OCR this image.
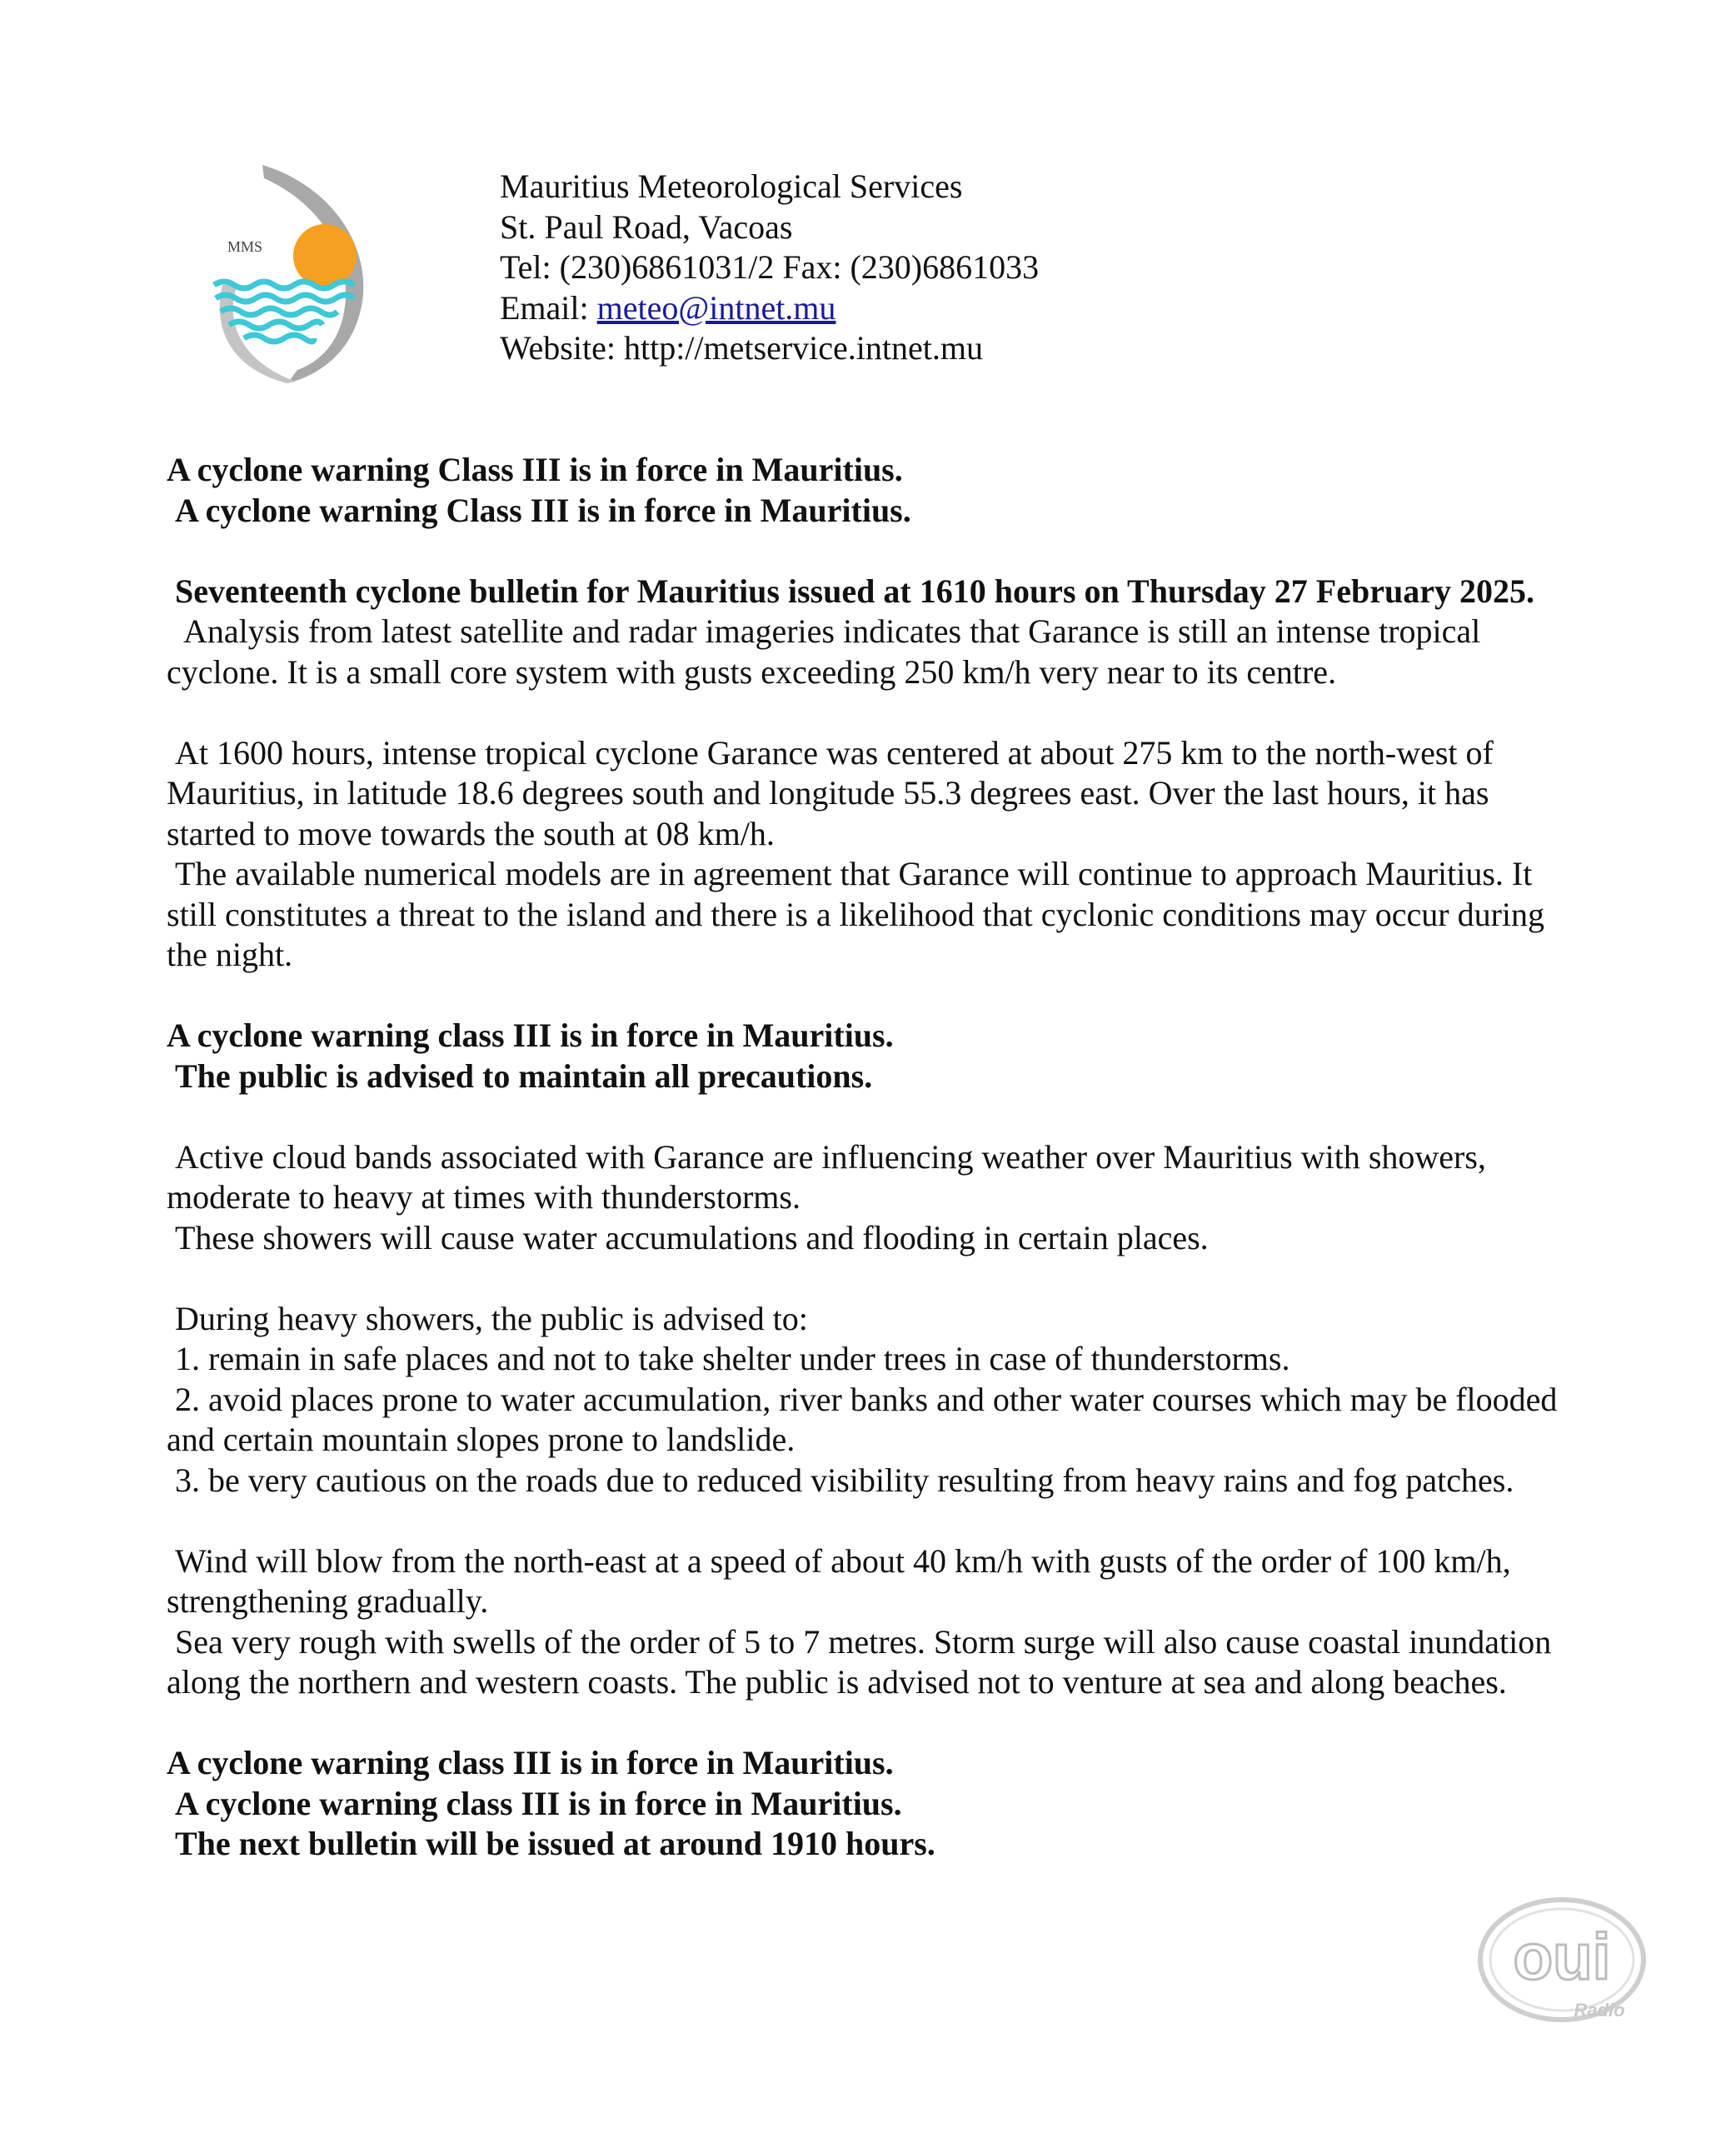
MMS
Mauritius Meteorological Services
St. Paul Road, Vacoas
Tel: (230)6861031/2 Fax: (230)6861033
Email: meteo@intnet.mu
Website: http://metservice.intnet.mu
A cyclone warning Class III is in force in Mauritius.
A cyclone warning Class III is in force in Mauritius.
Seventeenth cyclone bulletin for Mauritius issued at 1610 hours on Thursday 27 February 2025.
Analysis from latest satellite and radar imageries indicates that Garance is still an intense tropical cyclone. It is a small core system with gusts exceeding 250 km/h very near to its centre.
At 1600 hours, intense tropical cyclone Garance was centered at about 275 km to the north-west of Mauritius, in latitude 18.6 degrees south and longitude 55.3 degrees east. Over the last hours, it has started to move towards the south at 08 km/h.
The available numerical models are in agreement that Garance will continue to approach Mauritius. It still constitutes a threat to the island and there is a likelihood that cyclonic conditions may occur during the night.
A cyclone warning class III is in force in Mauritius.
The public is advised to maintain all precautions.
Active cloud bands associated with Garance are influencing weather over Mauritius with showers, moderate to heavy at times with thunderstorms.
These showers will cause water accumulations and flooding in certain places.
During heavy showers, the public is advised to:
1. remain in safe places and not to take shelter under trees in case of thunderstorms.
2. avoid places prone to water accumulation, river banks and other water courses which may be flooded and certain mountain slopes prone to landslide.
3. be very cautious on the roads due to reduced visibility resulting from heavy rains and fog patches.
Wind will blow from the north-east at a speed of about 40 km/h with gusts of the order of 100 km/h, strengthening gradually.
Sea very rough with swells of the order of 5 to 7 metres. Storm surge will also cause coastal inundation along the northern and western coasts. The public is advised not to venture at sea and along beaches.
A cyclone warning class III is in force in Mauritius.
A cyclone warning class III is in force in Mauritius.
The next bulletin will be issued at around 1910 hours.
oui
Radio
